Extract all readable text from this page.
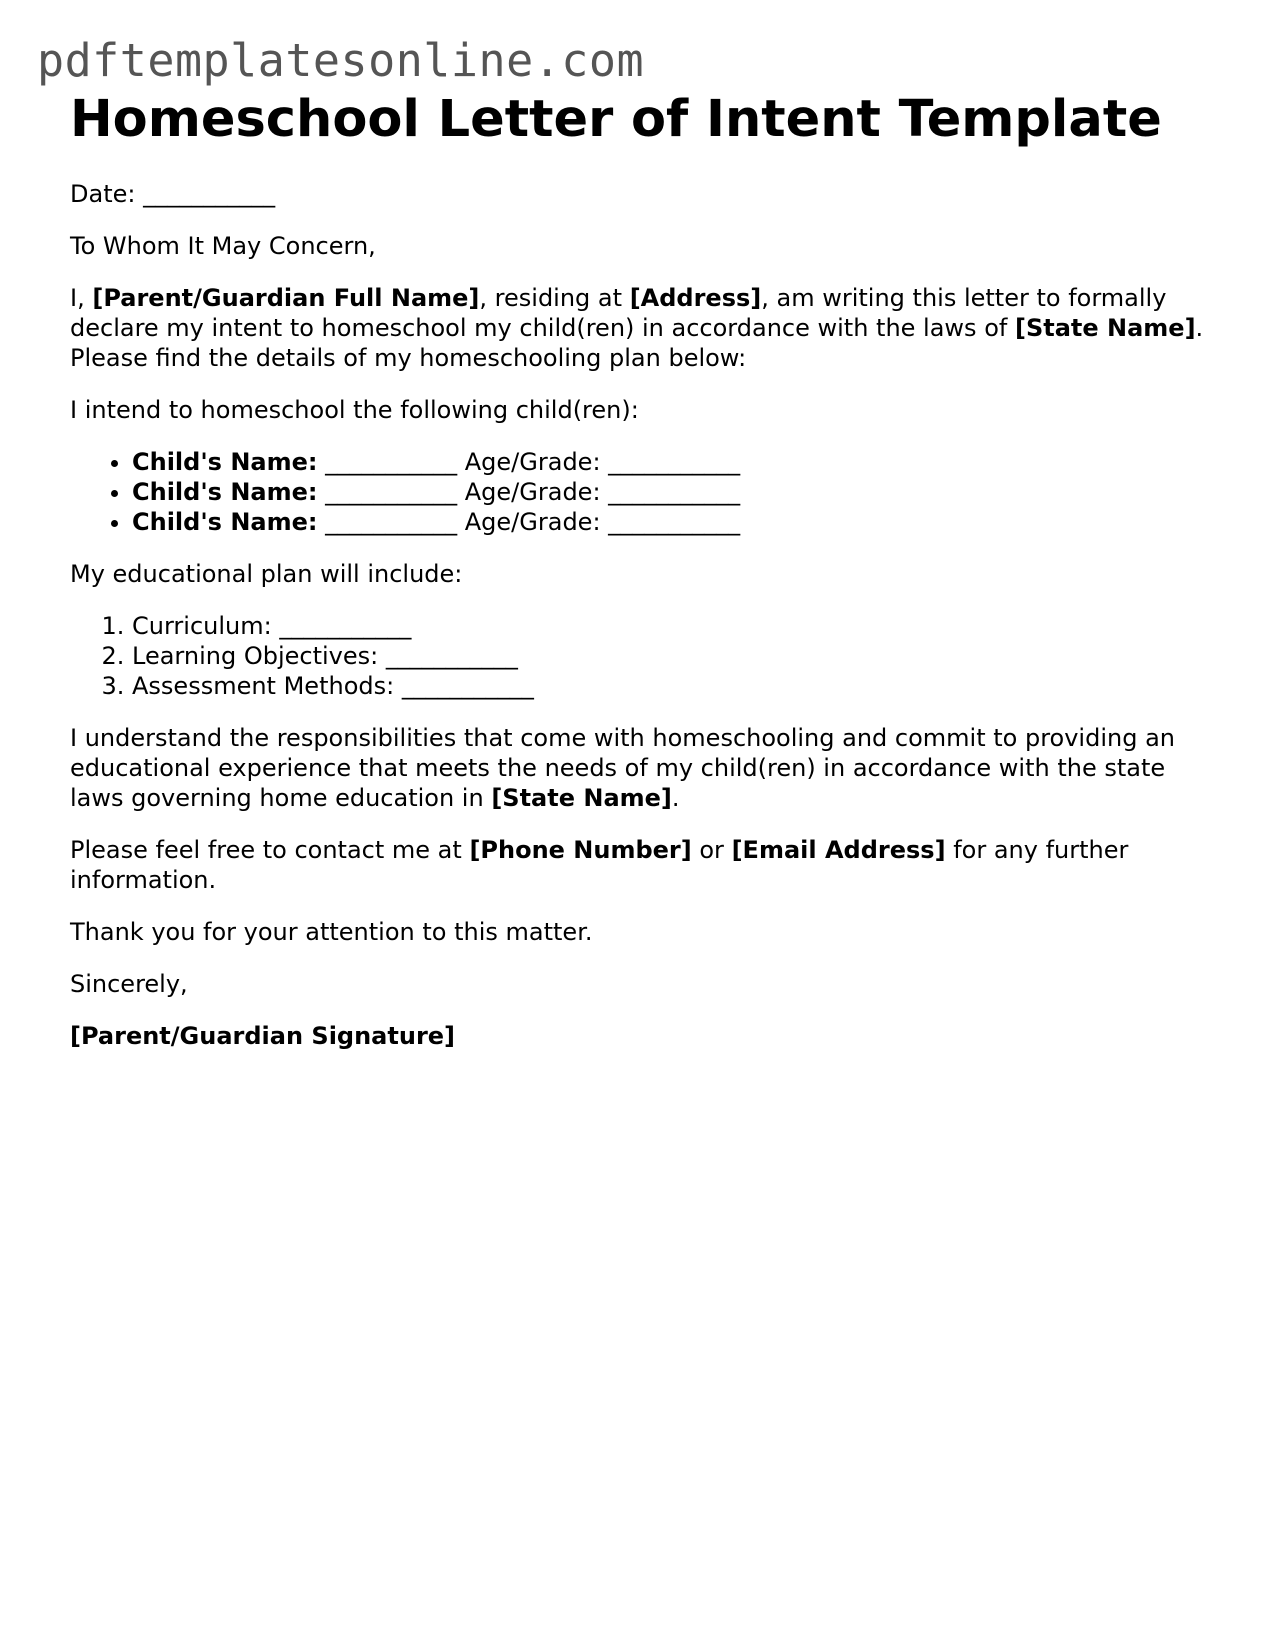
pdftemplatesonline.com
Homeschool Letter of Intent Template

Date: ___________

To Whom It May Concern,

I, [Parent/Guardian Full Name], residing at [Address], am writing this letter to formally declare my intent to homeschool my child(ren) in accordance with the laws of [State Name]. Please find the details of my homeschooling plan below:

I intend to homeschool the following child(ren):

• Child's Name: ___________ Age/Grade: ___________
• Child's Name: ___________ Age/Grade: ___________
• Child's Name: ___________ Age/Grade: ___________

My educational plan will include:

1. Curriculum: ___________
2. Learning Objectives: ___________
3. Assessment Methods: ___________

I understand the responsibilities that come with homeschooling and commit to providing an educational experience that meets the needs of my child(ren) in accordance with the state laws governing home education in [State Name].

Please feel free to contact me at [Phone Number] or [Email Address] for any further information.

Thank you for your attention to this matter.

Sincerely,

[Parent/Guardian Signature]
